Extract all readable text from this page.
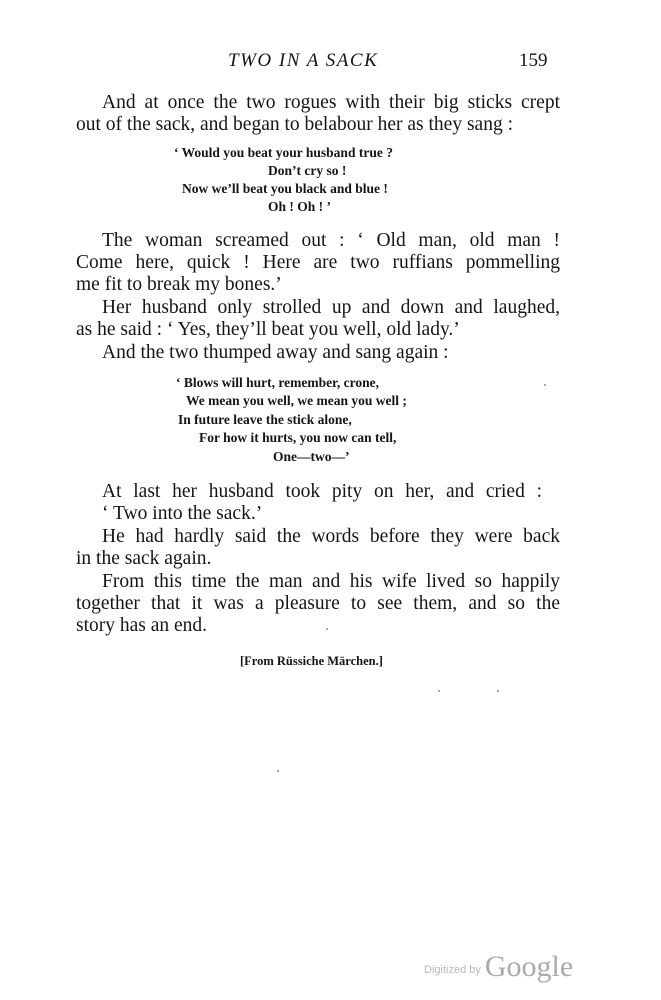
TWO IN A SACK	159
And at once the two rogues with their big sticks crept
out of the sack, and began to belabour her as they sang :
‘ Would you beat your husband true ?
Don’t cry so !
Now we’ll beat you black and blue !
Oh ! Oh ! ’
The woman screamed out : ‘ Old man, old man !
Come here, quick ! Here are two ruffians pommelling
me fit to break my bones.’
Her husband only strolled up and down and laughed,
as he said : ‘ Yes, they’ll beat you well, old lady.’
And the two thumped away and sang again :
‘ Blows will hurt, remember, crone,
We mean you well, we mean you well ;
In future leave the stick alone,
For how it hurts, you now can tell,
One—two—’
At last her husband took pity on her, and cried :
‘ Two into the sack.’
He had hardly said the words before they were back
in the sack again.
From this time the man and his wife lived so happily
together that it was a pleasure to see them, and so the
story has an end.
[From Rüssiche Märchen.]
Digitized by Google
